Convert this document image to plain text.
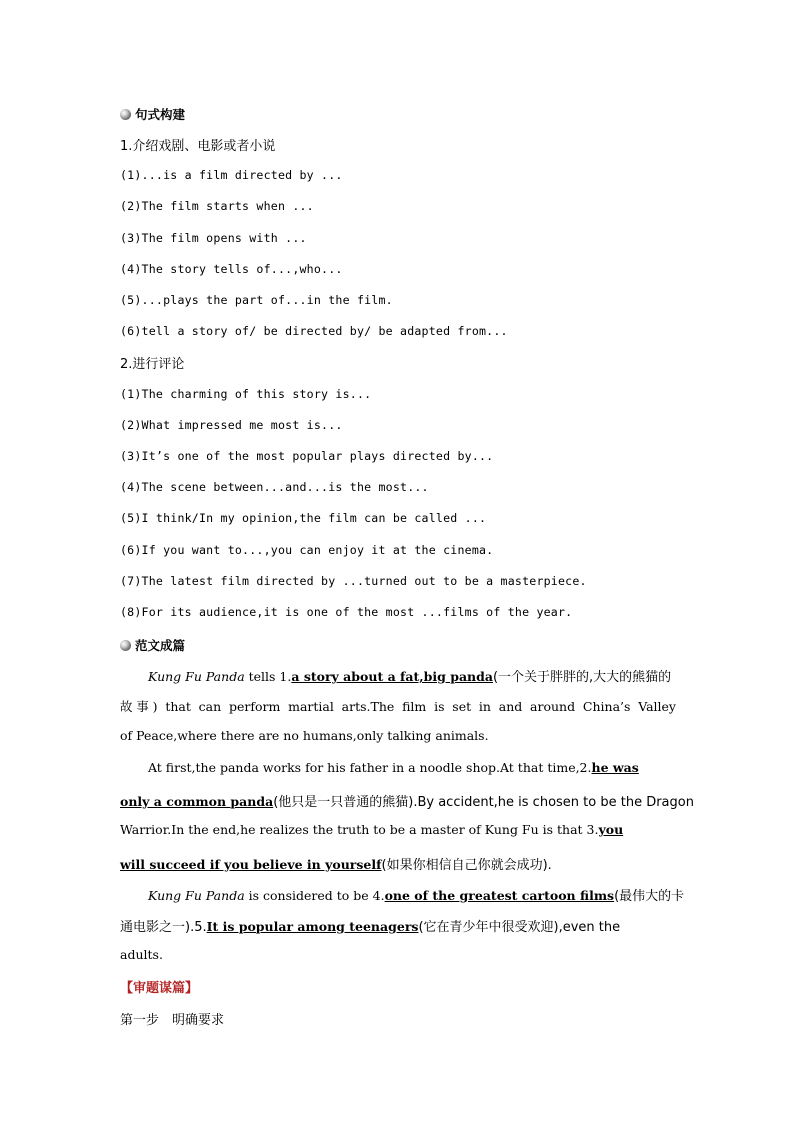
句式构建
1.介绍戏剧、电影或者小说
(1)...is a film directed by ...
(2)The film starts when ...
(3)The film opens with ...
(4)The story tells of...,who...
(5)...plays the part of...in the film.
(6)tell a story of/ be directed by/ be adapted from...
2.进行评论
(1)The charming of this story is...
(2)What impressed me most is...
(3)It’s one of the most popular plays directed by...
(4)The scene between...and...is the most...
(5)I think/In my opinion,the film can be called ...
(6)If you want to...,you can enjoy it at the cinema.
(7)The latest film directed by ...turned out to be a masterpiece.
(8)For its audience,it is one of the most ...films of the year.
范文成篇
Kung Fu Panda tells 1.a story about a fat,big panda(一个关于胖胖的,大大的熊猫的
故事) that can perform martial arts.The film is set in and around China’s Valley
of Peace,where there are no humans,only talking animals.
At first,the panda works for his father in a noodle shop.At that time,2.he was
only a common panda(他只是一只普通的熊猫).By accident,he is chosen to be the Dragon
Warrior.In the end,he realizes the truth to be a master of Kung Fu is that 3.you
will succeed if you believe in yourself(如果你相信自己你就会成功).
Kung Fu Panda is considered to be 4.one of the greatest cartoon films(最伟大的卡
通电影之一).5.It is popular among teenagers(它在青少年中很受欢迎),even the
adults.
【审题谋篇】
第一步　明确要求
